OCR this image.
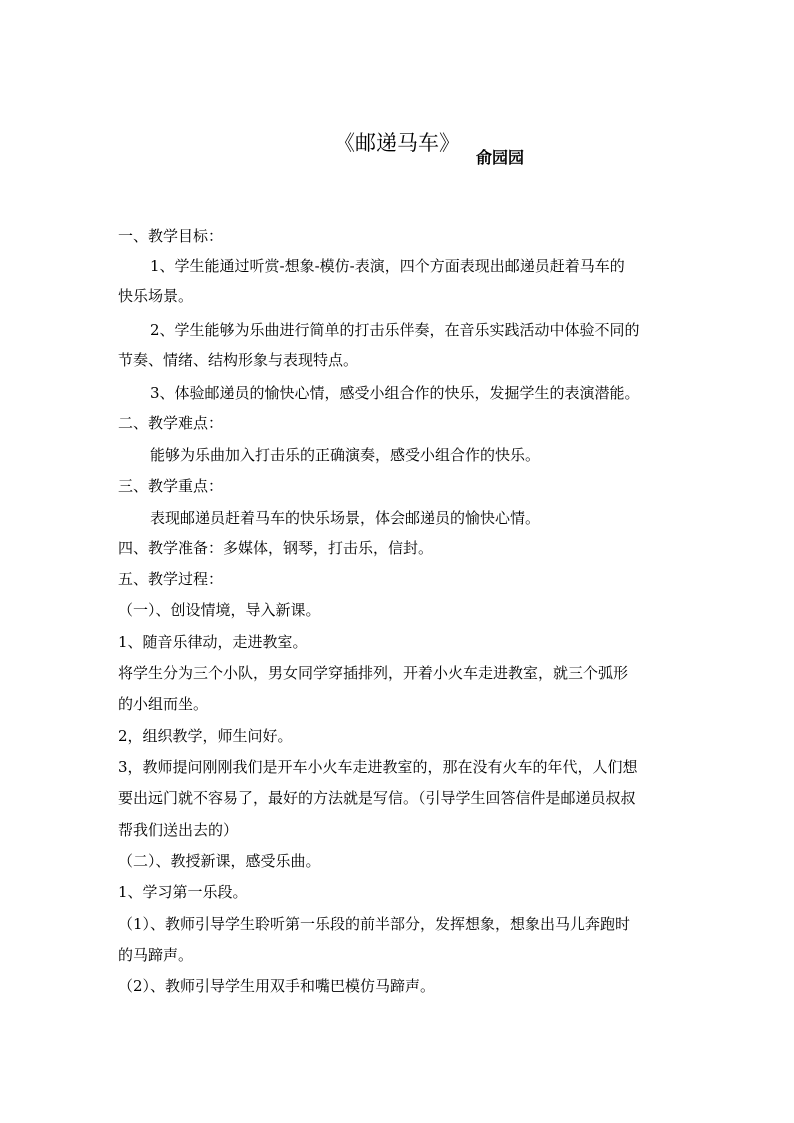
《邮递马车》
俞园园
一、教学目标：
1、学生能通过听赏-想象-模仿-表演，四个方面表现出邮递员赶着马车的
快乐场景。
2、学生能够为乐曲进行简单的打击乐伴奏，在音乐实践活动中体验不同的
节奏、情绪、结构形象与表现特点。
3、体验邮递员的愉快心情，感受小组合作的快乐，发掘学生的表演潜能。
二、教学难点：
能够为乐曲加入打击乐的正确演奏，感受小组合作的快乐。
三、教学重点：
表现邮递员赶着马车的快乐场景，体会邮递员的愉快心情。
四、教学准备：多媒体，钢琴，打击乐，信封。
五、教学过程：
（一）、创设情境，导入新课。
1、随音乐律动，走进教室。
将学生分为三个小队，男女同学穿插排列，开着小火车走进教室，就三个弧形
的小组而坐。
2，组织教学，师生问好。
3，教师提问刚刚我们是开车小火车走进教室的，那在没有火车的年代，人们想
要出远门就不容易了，最好的方法就是写信。（引导学生回答信件是邮递员叔叔
帮我们送出去的）
（二）、教授新课，感受乐曲。
1、学习第一乐段。
（1）、教师引导学生聆听第一乐段的前半部分，发挥想象，想象出马儿奔跑时
的马蹄声。
（2）、教师引导学生用双手和嘴巴模仿马蹄声。
